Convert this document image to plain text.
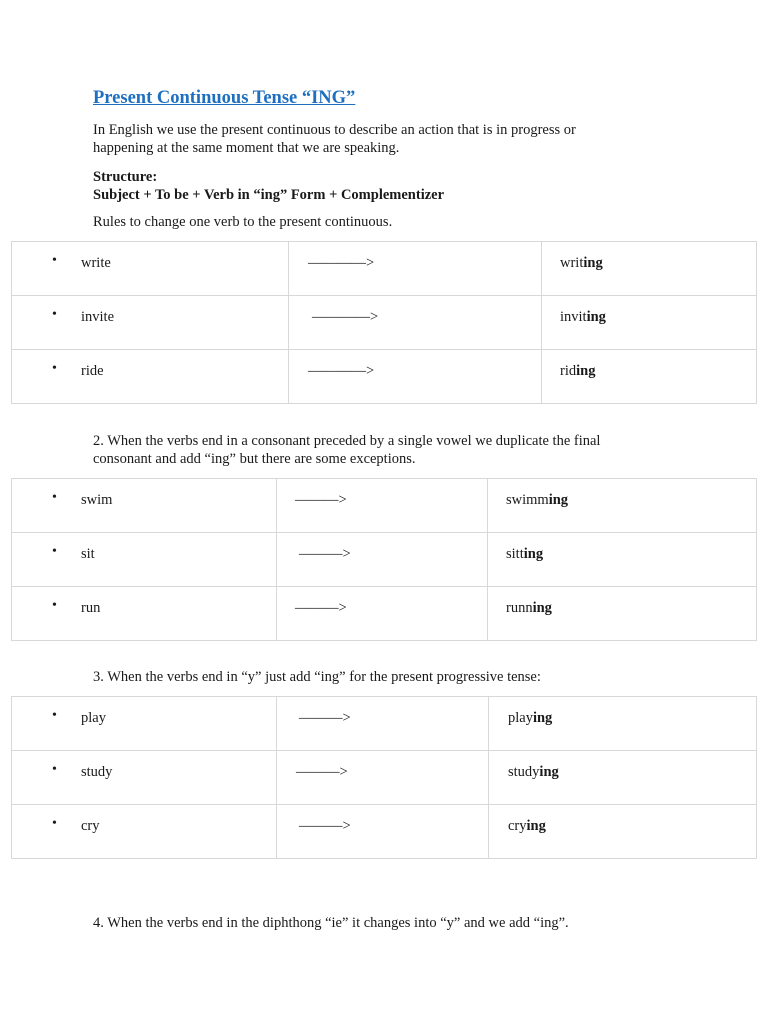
Present Continuous Tense “ING”
In English we use the present continuous to describe an action that is in progress or
happening at the same moment that we are speaking.
Structure:
Subject + To be + Verb in “ing” Form + Complementizer
Rules to change one verb to the present continuous.
• write	————>	writing

• invite	————>	inviting

• ride	————>	riding
2. When the verbs end in a consonant preceded by a single vowel we duplicate the final
consonant and add “ing” but there are some exceptions.
• swim	———>	swimming

• sit	———>	sitting

• run	———>	running
3. When the verbs end in “y” just add “ing” for the present progressive tense:
• play	———>	playing

• study	———>	studying

• cry	———>	crying
4. When the verbs end in the diphthong “ie” it changes into “y” and we add “ing”.
